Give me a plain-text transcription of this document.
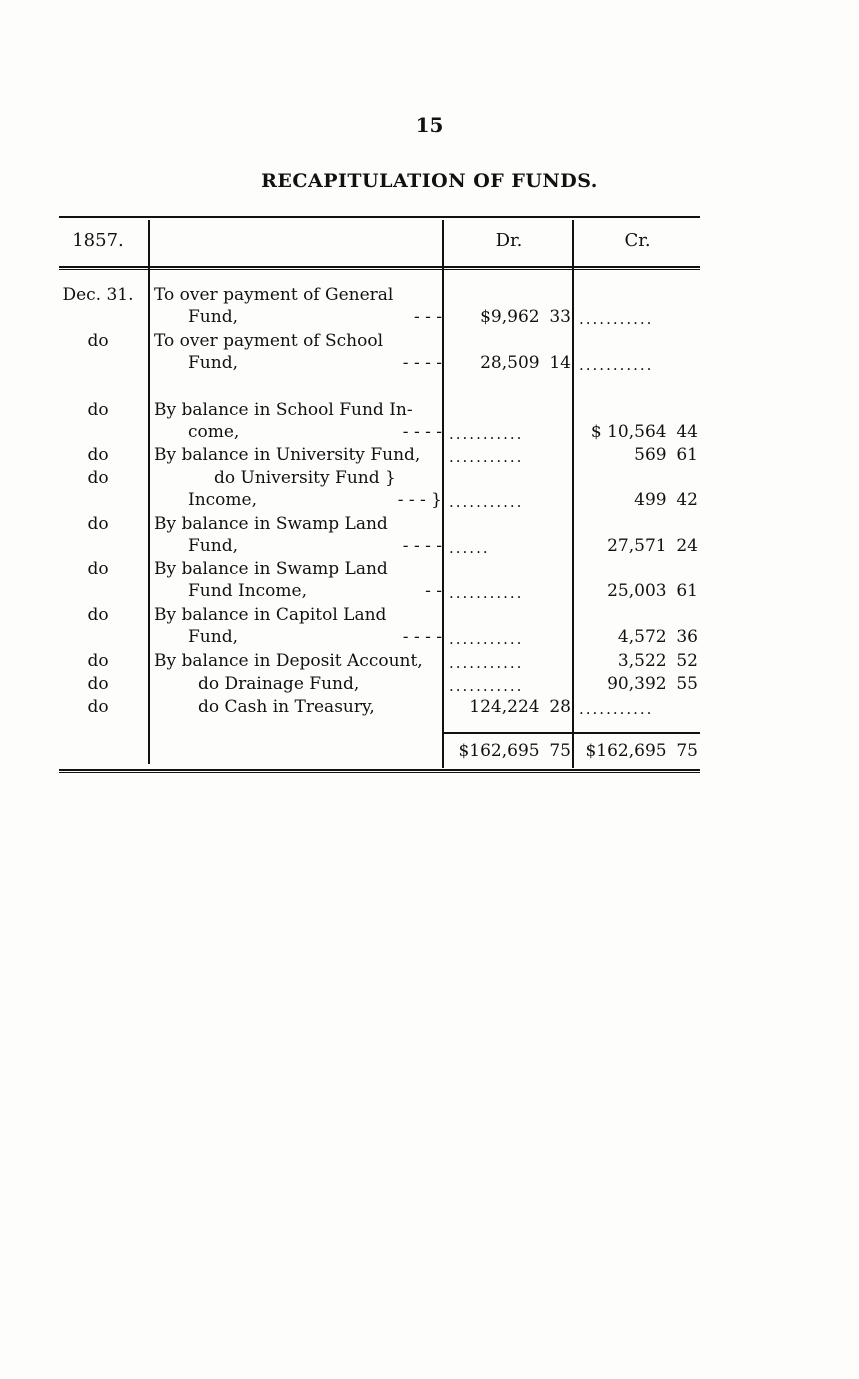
15
RECAPITULATION OF FUNDS.
1857.	Dr.	Cr.
Dec. 31. To over payment of General
Fund,	- - -	$9,962 33 ...........
do	To over payment of School
Fund,	- - - -	28,509 14 ...........
do	By balance in School Fund In-
come,	- - - - ...........	$ 10,564 44
do	By balance in University Fund,	...........	569 61
do	do University Fund }
Income,	- - - } ...........	499 42
do	By balance in Swamp Land
Fund,	- - - - ......	27,571 24
do	By balance in Swamp Land
Fund Income,	- - ...........	25,003 61
do	By balance in Capitol Land
Fund,	- - - - ...........	4,572 36
do	By balance in Deposit Account,	...........	3,522 52
do	do Drainage Fund,	...........	90,392 55
do	do Cash in Treasury,	124,224 28 ...........
$162,695 75 $162,695 75
